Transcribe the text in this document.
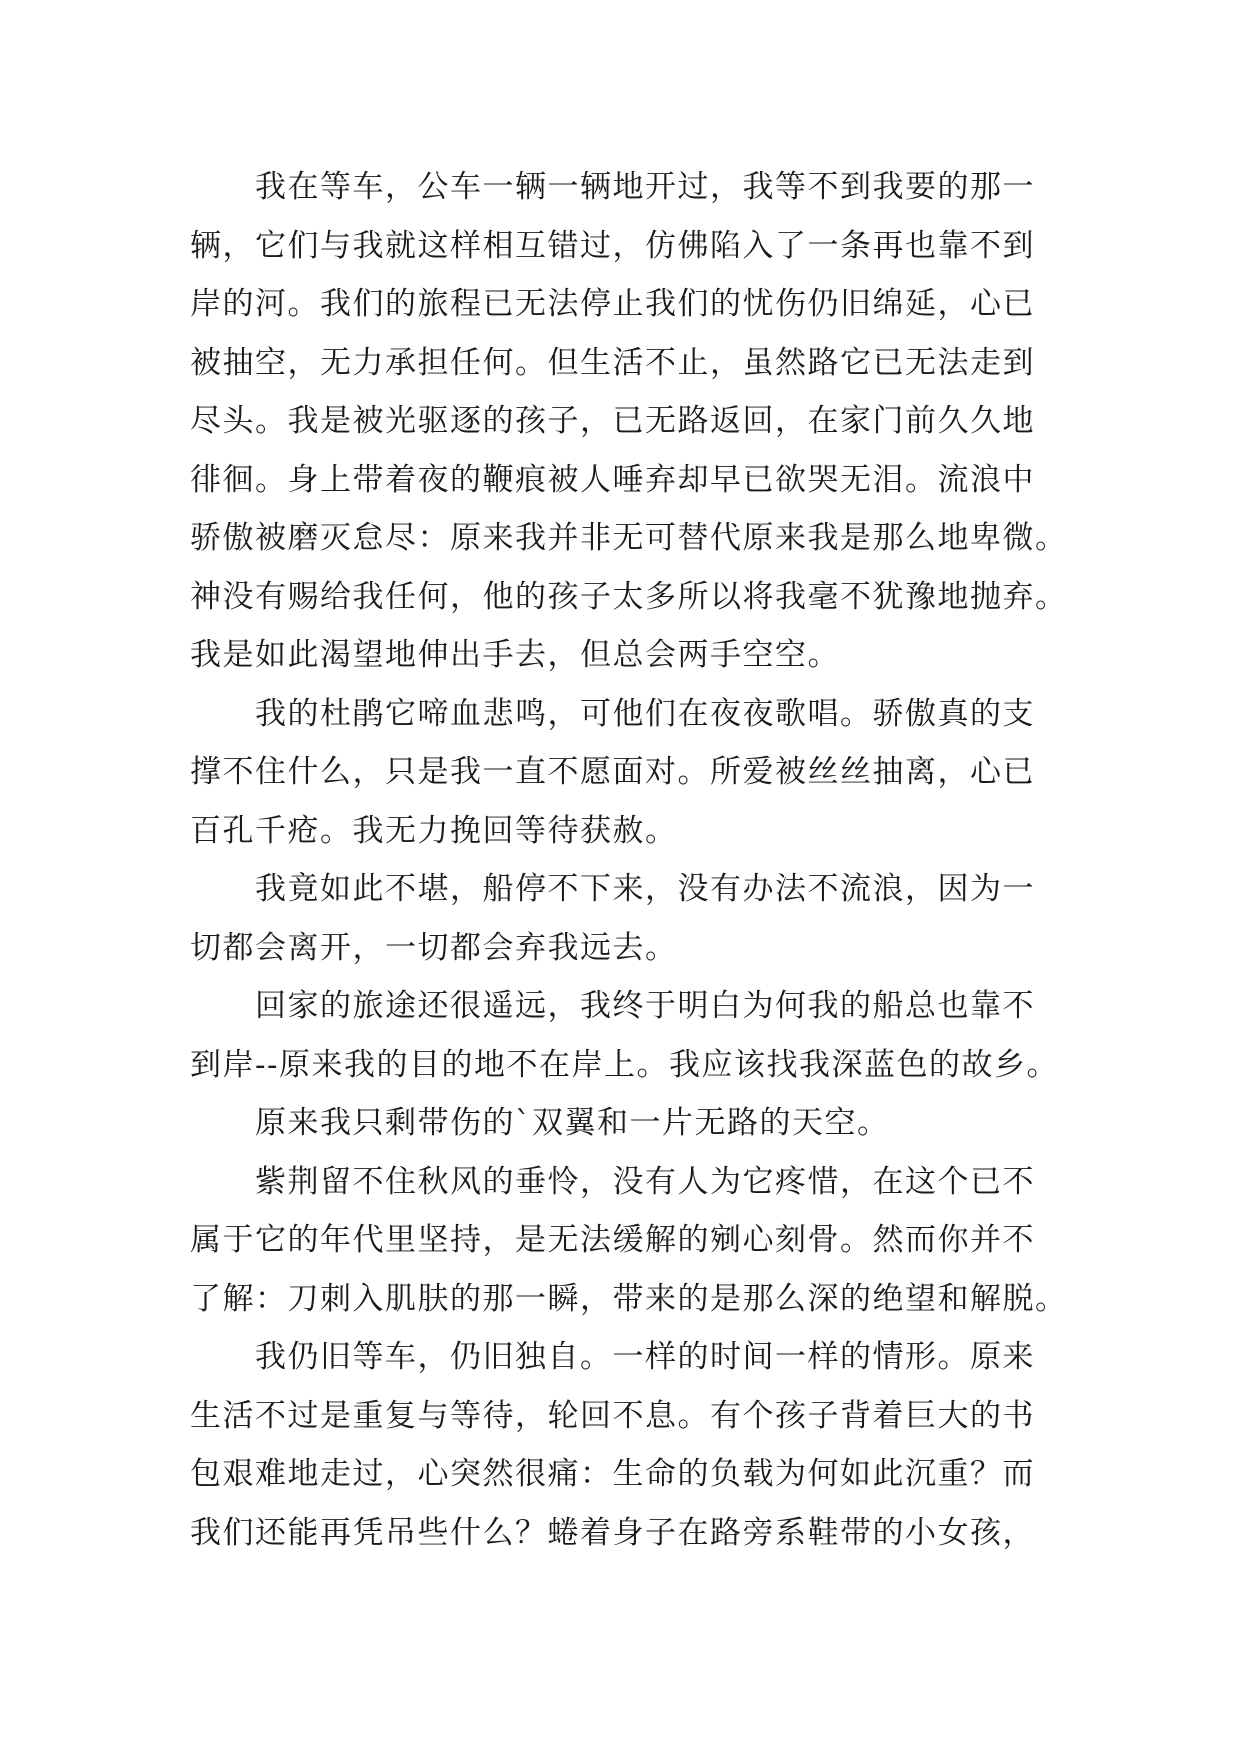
我在等车，公车一辆一辆地开过，我等不到我要的那一
辆，它们与我就这样相互错过，仿佛陷入了一条再也靠不到
岸的河。我们的旅程已无法停止我们的忧伤仍旧绵延，心已
被抽空，无力承担任何。但生活不止，虽然路它已无法走到
尽头。我是被光驱逐的孩子，已无路返回，在家门前久久地
徘徊。身上带着夜的鞭痕被人唾弃却早已欲哭无泪。流浪中
骄傲被磨灭怠尽：原来我并非无可替代原来我是那么地卑微。
神没有赐给我任何，他的孩子太多所以将我毫不犹豫地抛弃。
我是如此渴望地伸出手去，但总会两手空空。
我的杜鹃它啼血悲鸣，可他们在夜夜歌唱。骄傲真的支
撑不住什么，只是我一直不愿面对。所爱被丝丝抽离，心已
百孔千疮。我无力挽回等待获赦。
我竟如此不堪，船停不下来，没有办法不流浪，因为一
切都会离开，一切都会弃我远去。
回家的旅途还很遥远，我终于明白为何我的船总也靠不
到岸--原来我的目的地不在岸上。我应该找我深蓝色的故乡。
原来我只剩带伤的`双翼和一片无路的天空。
紫荆留不住秋风的垂怜，没有人为它疼惜，在这个已不
属于它的年代里坚持，是无法缓解的剜心刻骨。然而你并不
了解：刀刺入肌肤的那一瞬，带来的是那么深的绝望和解脱。
我仍旧等车，仍旧独自。一样的时间一样的情形。原来
生活不过是重复与等待，轮回不息。有个孩子背着巨大的书
包艰难地走过，心突然很痛：生命的负载为何如此沉重？而
我们还能再凭吊些什么？蜷着身子在路旁系鞋带的小女孩，
